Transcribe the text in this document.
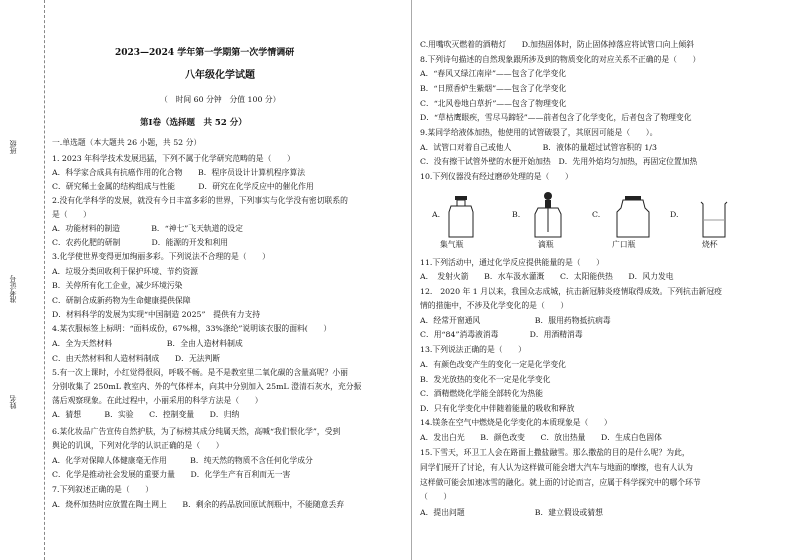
姓名
准考证号
班级
2023—2024 学年第一学期第一次学情调研
八年级化学试题
（　时间 60 分钟　分值 100 分）
第Ⅰ卷（选择题　共 52 分）
一.单选题（本大题共 26 小题，共 52 分）
1. 2023 年科学技术发展迅猛，下列不属于化学研究范畴的是（　　）
A．科学家合成具有抗癌作用的化合物　　B．程序员设计计算机程序算法
C．研究稀土金属的结构组成与性能　　　D．研究在化学反应中的催化作用
2.没有化学科学的发展，就没有今日丰富多彩的世界，下列事实与化学没有密切联系的
是（　　）
A．功能材料的制造　　　　B．“神七”飞天轨道的设定
C．农药化肥的研制　　　　D．能源的开发和利用
3.化学使世界变得更加绚丽多彩。下列说法不合理的是（　　）
A．垃圾分类回收利于保护环境、节约资源
B．关停所有化工企业，减少环境污染
C．研制合成新药物为生命健康提供保障
D．材料科学的发展为实现“中国制造 2025”　提供有力支持
4.某衣服标签上标明：“面料成份，67%棉，33%涤纶”说明该衣服的面料(　　）
A．全为天然材料　　　　　　　B．全由人造材料制成
C．由天然材料和人造材料制成　　D．无法判断
5.有一次上课时，小红觉得很闷，呼吸不畅。是不是教室里二氧化碳的含量高呢？小丽
分别收集了 250mL 教室内、外的气体样本，向其中分别加入 25mL 澄清石灰水，充分振
荡后观察现象。在此过程中，小丽采用的科学方法是（　　）
A．猜想　　　B．实验　　C．控制变量　　D．归纳
6.某化妆品广告宣传自然护肤，为了标榜其成分纯属天然，高喊“我们恨化学”，受到
舆论的讥讽，下列对化学的认识正确的是（　　）
A．化学对保障人体健康毫无作用　　　B．纯天然的物质不含任何化学成分
C．化学是推动社会发展的重要力量　　D．化学生产有百利而无一害
7.下列叙述正确的是（　　）
A．烧杯加热时应放置在陶土网上　　B．剩余的药品放回原试剂瓶中，不能随意丢弃
C.用嘴吹灭燃着的酒精灯　　D.加热固体时，防止固体掉落应将试管口向上倾斜
8.下列诗句描述的自然现象跟所涉及到的物质变化的对应关系不正确的是（　　）
A．“春风又绿江南岸”——包含了化学变化
B．“日照香炉生紫烟”——包含了化学变化
C．“北风卷地白草折”——包含了物理变化
D．“草枯鹰眼疾，雪尽马蹄轻”——前者包含了化学变化，后者包含了物理变化
9.某同学给液体加热，他使用的试管破裂了，其原因可能是（　　）。
A．试管口对着自己或他人　　　　B．液体的量超过试管容积的 1/3
C．没有擦干试管外壁的水便开始加热　D．先用外焰均匀加热，再固定位置加热
10.下列仪器没有经过磨砂处理的是（　　）
11.下列活动中，通过化学反应提供能量的是（　　）
A．　发射火箭　　B．水车汲水灌溉　　C．太阳能供热　　D．风力发电
12.　2020 年 1 月以来，我国众志成城，抗击新冠肺炎疫情取得成效。下列抗击新冠疫
情的措施中，不涉及化学变化的是（　　）
A．经常开窗通风　　　　　　　B．服用药物抵抗病毒
C．用“84”消毒液消毒　　　　D．用酒精消毒
13.下列说法正确的是（　　）
A．有颜色改变产生的变化一定是化学变化
B．发光放热的变化不一定是化学变化
C．酒精燃烧化学能全部转化为热能
D．只有化学变化中伴随着能量的吸收和释放
14.镁条在空气中燃烧是化学变化的本质现象是（　　）
A．发出白光　　B．颜色改变　　C．放出热量　　D．生成白色固体
15.下雪天，环卫工人会在路面上撒盐融雪。那么撒盐的目的是什么呢？为此，
同学们展开了讨论，有人认为这样做可能会增大汽车与地面的摩擦，也有人认为
这样做可能会加速冰雪的融化。就上面的讨论而言，应属于科学探究中的哪个环节
（　　）
A．提出问题　　　　　　　　　B．建立假设或猜想
A.	B.	C.	D.
集气瓶	滴瓶	广口瓶	烧杯
